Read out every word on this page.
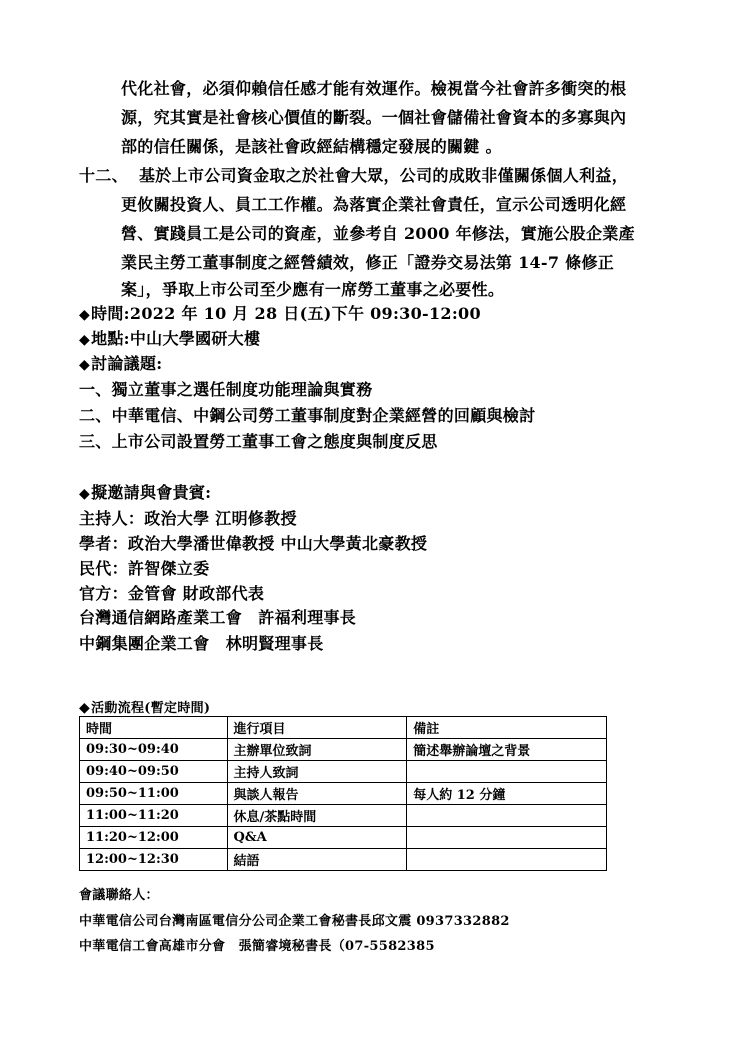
代化社會，必須仰賴信任感才能有效運作。檢視當今社會許多衝突的根
源，究其實是社會核心價值的斷裂。一個社會儲備社會資本的多寡與內
部的信任關係，是該社會政經結構穩定發展的關鍵 。
十二、 基於上市公司資金取之於社會大眾，公司的成敗非僅關係個人利益，
更攸關投資人、員工工作權。為落實企業社會責任，宣示公司透明化經
營、實踐員工是公司的資產，並參考自 2000 年修法，實施公股企業產
業民主勞工董事制度之經營績效，修正「證券交易法第 14-7 條修正
案」，爭取上市公司至少應有一席勞工董事之必要性。
◆時間:2022 年 10 月 28 日(五)下午 09:30-12:00
◆地點:中山大學國研大樓
◆討論議題:
一、獨立董事之選任制度功能理論與實務
二、中華電信、中鋼公司勞工董事制度對企業經營的回顧與檢討
三、上市公司設置勞工董事工會之態度與制度反思
◆擬邀請與會貴賓:
主持人：政治大學 江明修教授
學者：政治大學潘世偉教授 中山大學黃北豪教授
民代：許智傑立委
官方：金管會 財政部代表
台灣通信網路產業工會　許福利理事長
中鋼集團企業工會　林明賢理事長
◆活動流程(暫定時間)
時間	進行項目	備註
09:30~09:40	主辦單位致詞	簡述舉辦論壇之背景
09:40~09:50	主持人致詞	
09:50~11:00	與談人報告	每人約 12 分鐘
11:00~11:20	休息/茶點時間	
11:20~12:00	Q&A	
12:00~12:30	結語	
會議聯絡人：
中華電信公司台灣南區電信分公司企業工會秘書長邱文震 0937332882
中華電信工會高雄市分會　張簡睿境秘書長（07-5582385
